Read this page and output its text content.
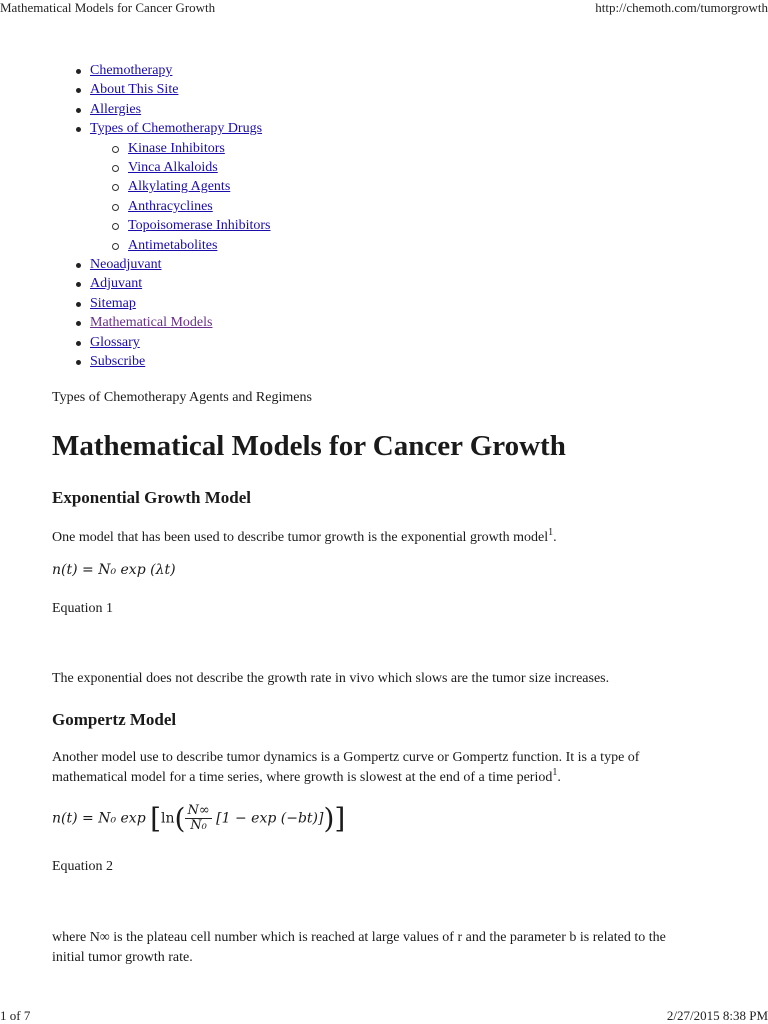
Mathematical Models for Cancer Growth	http://chemoth.com/tumorgrowth
Chemotherapy
About This Site
Allergies
Types of Chemotherapy Drugs
Kinase Inhibitors
Vinca Alkaloids
Alkylating Agents
Anthracyclines
Topoisomerase Inhibitors
Antimetabolites
Neoadjuvant
Adjuvant
Sitemap
Mathematical Models
Glossary
Subscribe

Types of Chemotherapy Agents and Regimens

Mathematical Models for Cancer Growth
Exponential Growth Model

One model that has been used to describe tumor growth is the exponential growth model$^1$.

n(t) = N₀ exp (λt)

Equation 1

The exponential does not describe the growth rate in vivo which slows are the tumor size increases.

Gompertz Model

Another model use to describe tumor dynamics is a Gompertz curve or Gompertz function. It is a type of
mathematical model for a time series, where growth is slowest at the end of a time period$^1$.

n(t) = N₀ $\exp [\ln( \frac{N\infty}{\text{N₀}} [1 - \exp (-bt)])]$

Equation 2

where N∞ is the plateau cell number which is reached at large values of r and the parameter b is related to the
initial tumor growth rate.

1 of 7	2/27/2015 8:38 PM
